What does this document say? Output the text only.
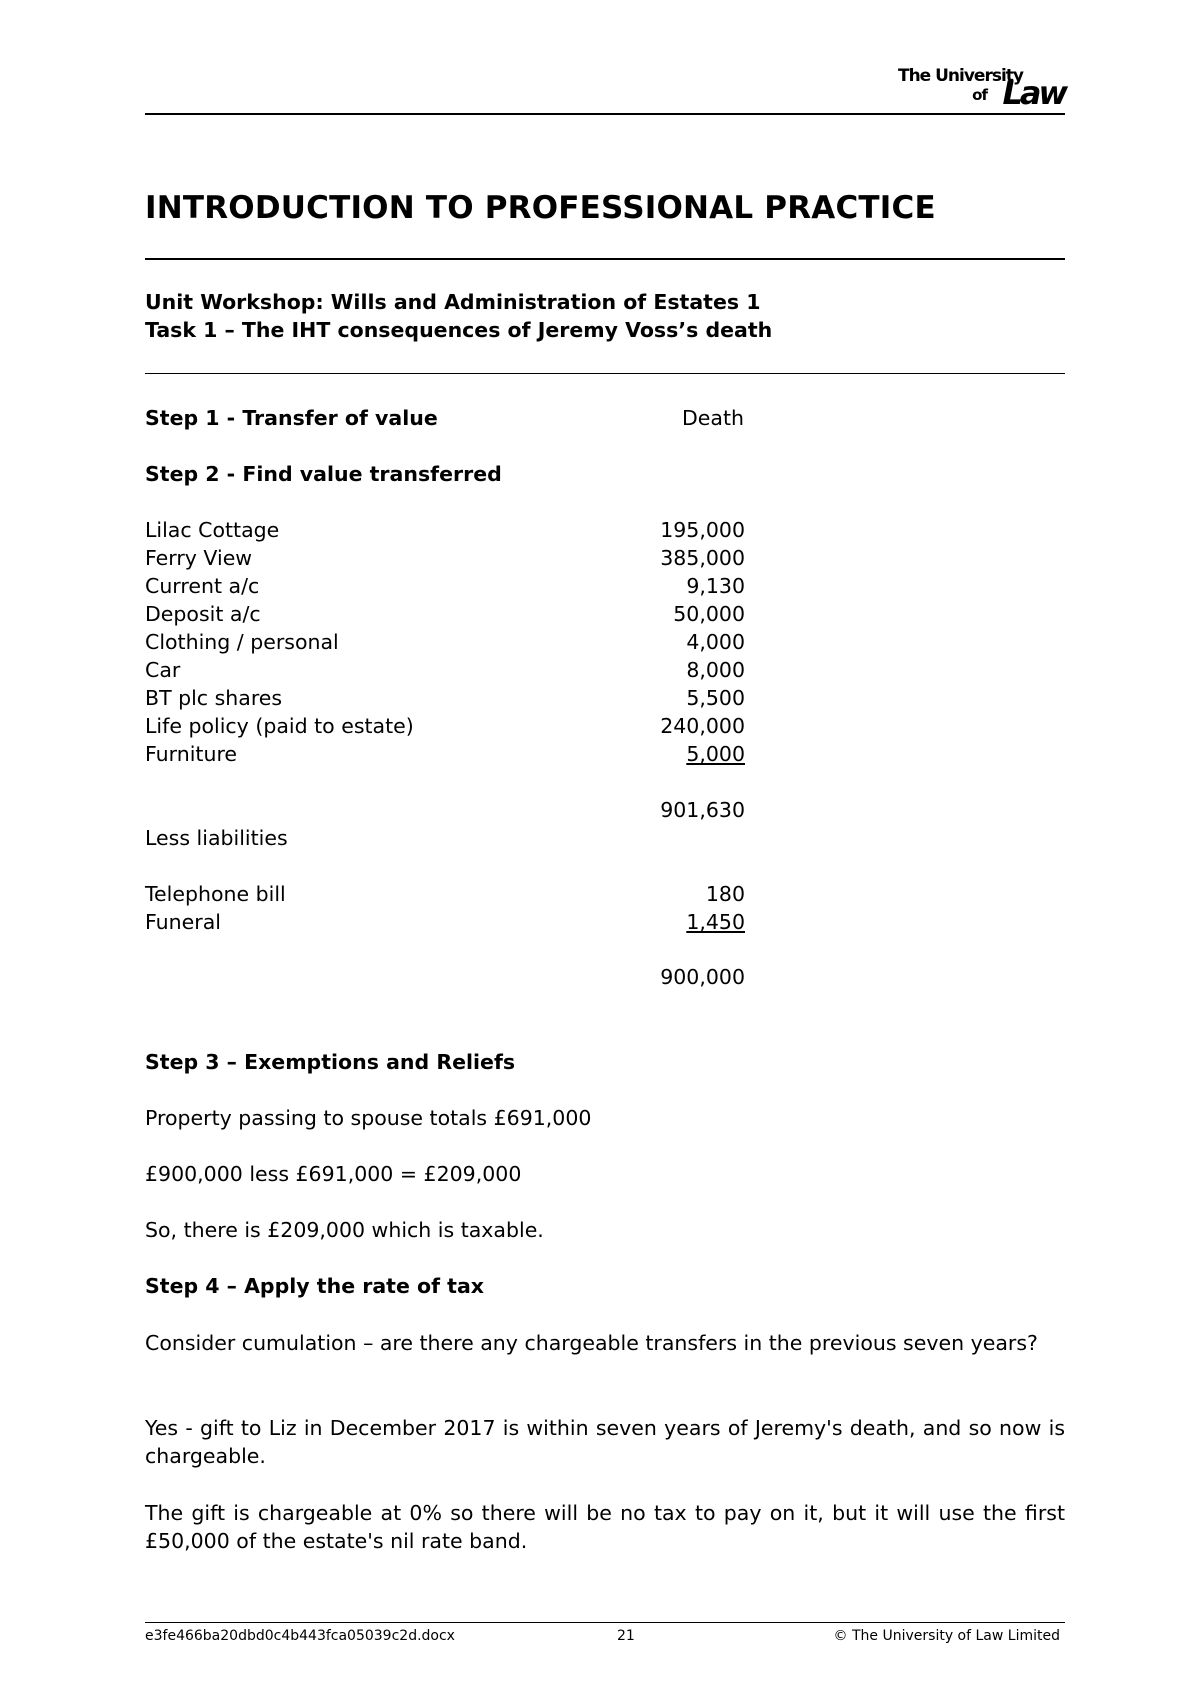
The University
of Law
INTRODUCTION TO PROFESSIONAL PRACTICE
Unit Workshop: Wills and Administration of Estates 1
Task 1 – The IHT consequences of Jeremy Voss’s death
Step 1 - Transfer of value	Death
Step 2 - Find value transferred
Lilac Cottage	195,000
Ferry View	385,000
Current a/c	9,130
Deposit a/c	50,000
Clothing / personal	4,000
Car	8,000
BT plc shares	5,500
Life policy (paid to estate)	240,000
Furniture	5,000
901,630
Less liabilities
Telephone bill	180
Funeral	1,450
900,000
Step 3 – Exemptions and Reliefs
Property passing to spouse totals £691,000
£900,000 less £691,000 = £209,000
So, there is £209,000 which is taxable.
Step 4 – Apply the rate of tax
Consider cumulation – are there any chargeable transfers in the previous seven years?
Yes - gift to Liz in December 2017 is within seven years of Jeremy's death, and so now is chargeable.
The gift is chargeable at 0% so there will be no tax to pay on it, but it will use the first £50,000 of the estate's nil rate band.
e3fe466ba20dbd0c4b443fca05039c2d.docx	21	© The University of Law Limited
